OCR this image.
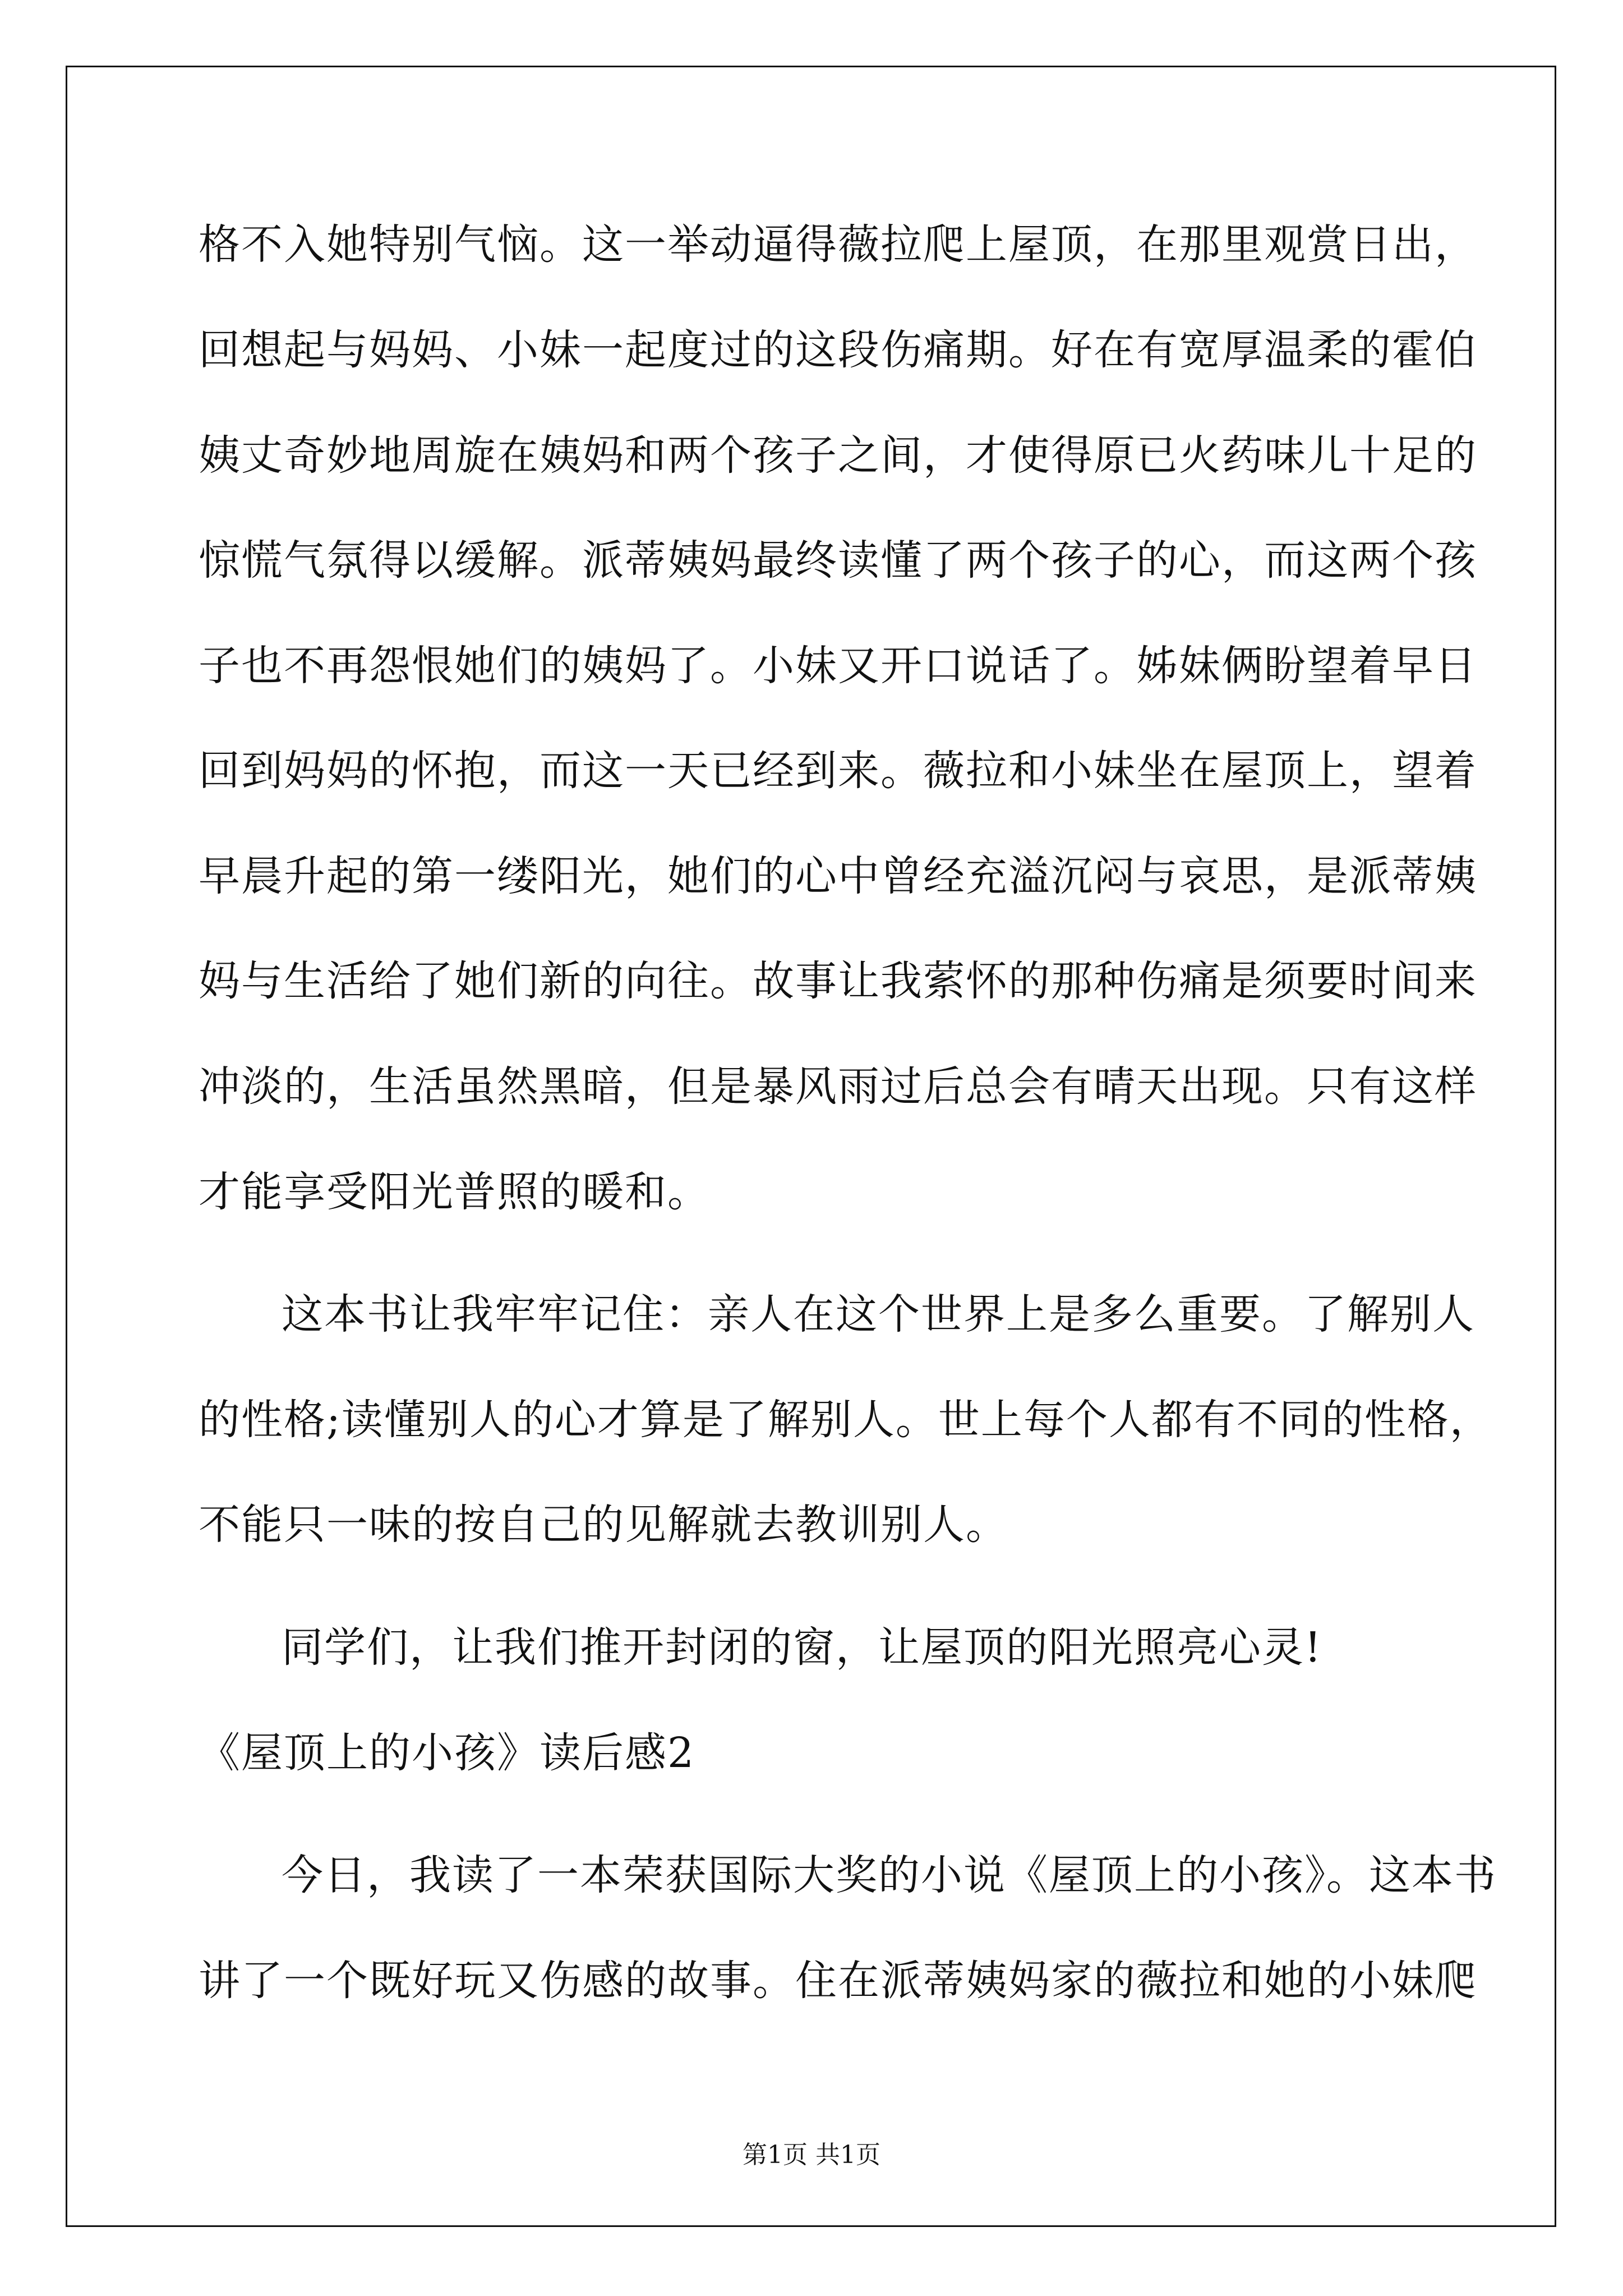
格不入她特别气恼。这一举动逼得薇拉爬上屋顶，在那里观赏日出，
回想起与妈妈、小妹一起度过的这段伤痛期。好在有宽厚温柔的霍伯
姨丈奇妙地周旋在姨妈和两个孩子之间，才使得原已火药味儿十足的
惊慌气氛得以缓解。派蒂姨妈最终读懂了两个孩子的心，而这两个孩
子也不再怨恨她们的姨妈了。小妹又开口说话了。姊妹俩盼望着早日
回到妈妈的怀抱，而这一天已经到来。薇拉和小妹坐在屋顶上，望着
早晨升起的第一缕阳光，她们的心中曾经充溢沉闷与哀思，是派蒂姨
妈与生活给了她们新的向往。故事让我萦怀的那种伤痛是须要时间来
冲淡的，生活虽然黑暗，但是暴风雨过后总会有晴天出现。只有这样
才能享受阳光普照的暖和。
这本书让我牢牢记住：亲人在这个世界上是多么重要。了解别人
的性格;读懂别人的心才算是了解别人。世上每个人都有不同的性格，
不能只一味的按自己的见解就去教训别人。
同学们，让我们推开封闭的窗，让屋顶的阳光照亮心灵!
《屋顶上的小孩》读后感2
今日，我读了一本荣获国际大奖的小说《屋顶上的小孩》。这本书
讲了一个既好玩又伤感的故事。住在派蒂姨妈家的薇拉和她的小妹爬
第1页 共1页
